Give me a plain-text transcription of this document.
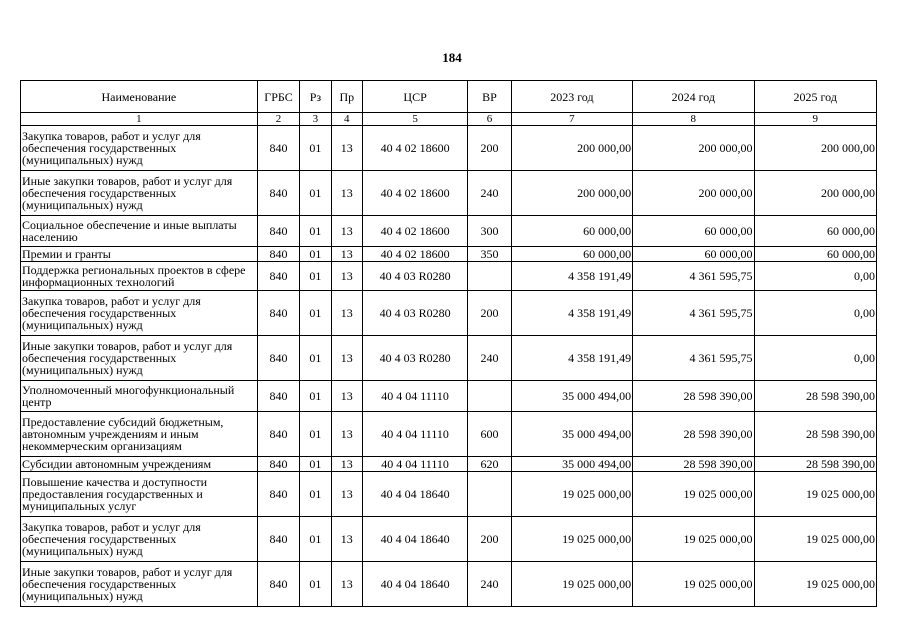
184
Наименование	ГРБС	Рз	Пр	ЦСР	ВР	2023 год	2024 год	2025 год
1	2	3	4	5	6	7	8	9
Закупка товаров, работ и услуг для обеспечения государственных (муниципальных) нужд	840	01	13	40 4 02 18600	200	200 000,00	200 000,00	200 000,00
Иные закупки товаров, работ и услуг для обеспечения государственных (муниципальных) нужд	840	01	13	40 4 02 18600	240	200 000,00	200 000,00	200 000,00
Социальное обеспечение и иные выплаты населению	840	01	13	40 4 02 18600	300	60 000,00	60 000,00	60 000,00
Премии и гранты	840	01	13	40 4 02 18600	350	60 000,00	60 000,00	60 000,00
Поддержка региональных проектов в сфере информационных технологий	840	01	13	40 4 03 R0280		4 358 191,49	4 361 595,75	0,00
Закупка товаров, работ и услуг для обеспечения государственных (муниципальных) нужд	840	01	13	40 4 03 R0280	200	4 358 191,49	4 361 595,75	0,00
Иные закупки товаров, работ и услуг для обеспечения государственных (муниципальных) нужд	840	01	13	40 4 03 R0280	240	4 358 191,49	4 361 595,75	0,00
Уполномоченный многофункциональный центр	840	01	13	40 4 04 11110		35 000 494,00	28 598 390,00	28 598 390,00
Предоставление субсидий бюджетным, автономным учреждениям и иным некоммерческим организациям	840	01	13	40 4 04 11110	600	35 000 494,00	28 598 390,00	28 598 390,00
Субсидии автономным учреждениям	840	01	13	40 4 04 11110	620	35 000 494,00	28 598 390,00	28 598 390,00
Повышение качества и доступности предоставления государственных и муниципальных услуг	840	01	13	40 4 04 18640		19 025 000,00	19 025 000,00	19 025 000,00
Закупка товаров, работ и услуг для обеспечения государственных (муниципальных) нужд	840	01	13	40 4 04 18640	200	19 025 000,00	19 025 000,00	19 025 000,00
Иные закупки товаров, работ и услуг для обеспечения государственных (муниципальных) нужд	840	01	13	40 4 04 18640	240	19 025 000,00	19 025 000,00	19 025 000,00
